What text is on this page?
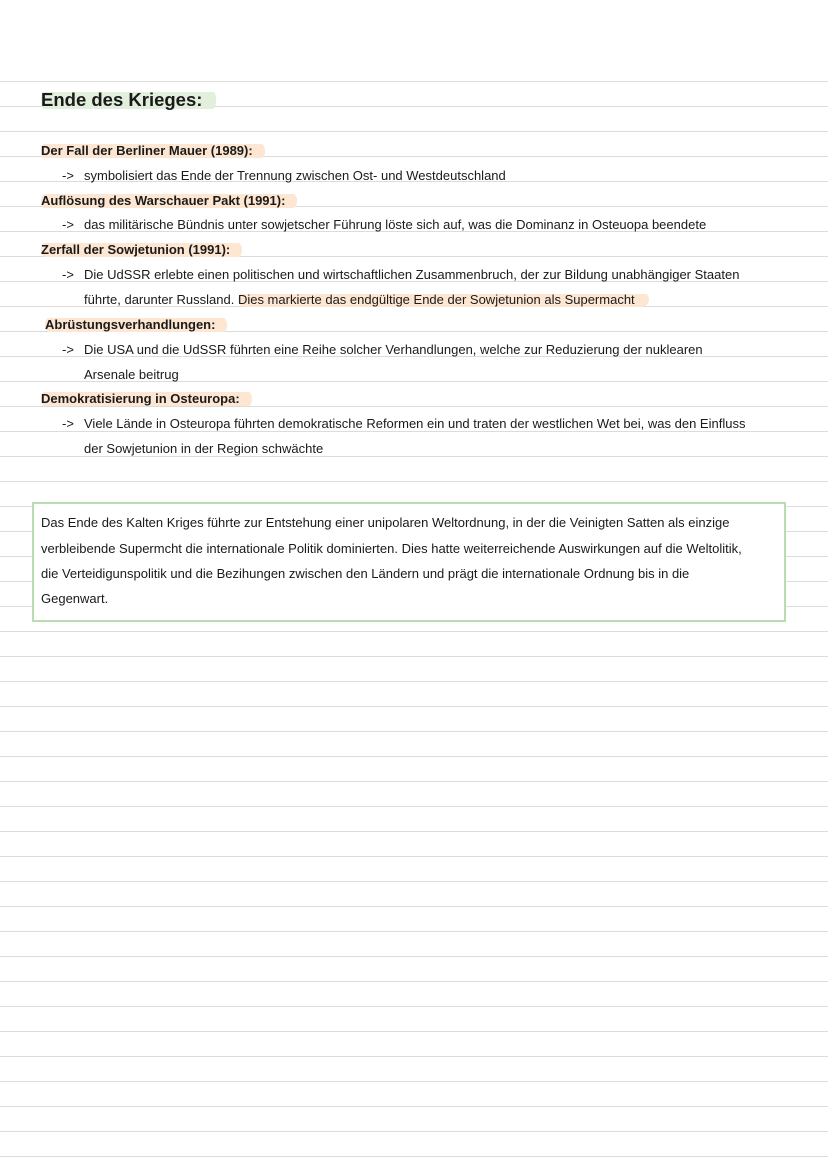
Ende des Krieges:
Der Fall der Berliner Mauer (1989):
-> symbolisiert das Ende der Trennung zwischen Ost- und Westdeutschland
Auflösung des Warschauer Pakt (1991):
-> das militärische Bündnis unter sowjetscher Führung löste sich auf, was die Dominanz in Osteuopa beendete
Zerfall der Sowjetunion (1991):
-> Die UdSSR erlebte einen politischen und wirtschaftlichen Zusammenbruch, der zur Bildung unabhängiger Staaten
führte, darunter Russland. Dies markierte das endgültige Ende der Sowjetunion als Supermacht
Abrüstungsverhandlungen:
-> Die USA und die UdSSR führten eine Reihe solcher Verhandlungen, welche zur Reduzierung der nuklearen
Arsenale beitrug
Demokratisierung in Osteuropa:
-> Viele Lände in Osteuropa führten demokratische Reformen ein und traten der westlichen Wet bei, was den Einfluss
der Sowjetunion in der Region schwächte
Das Ende des Kalten Kriges führte zur Entstehung einer unipolaren Weltordnung, in der die Veinigten Satten als einzige
verbleibende Supermcht die internationale Politik dominierten. Dies hatte weiterreichende Auswirkungen auf die Weltolitik,
die Verteidigunspolitik und die Bezihungen zwischen den Ländern und prägt die internationale Ordnung bis in die
Gegenwart.
